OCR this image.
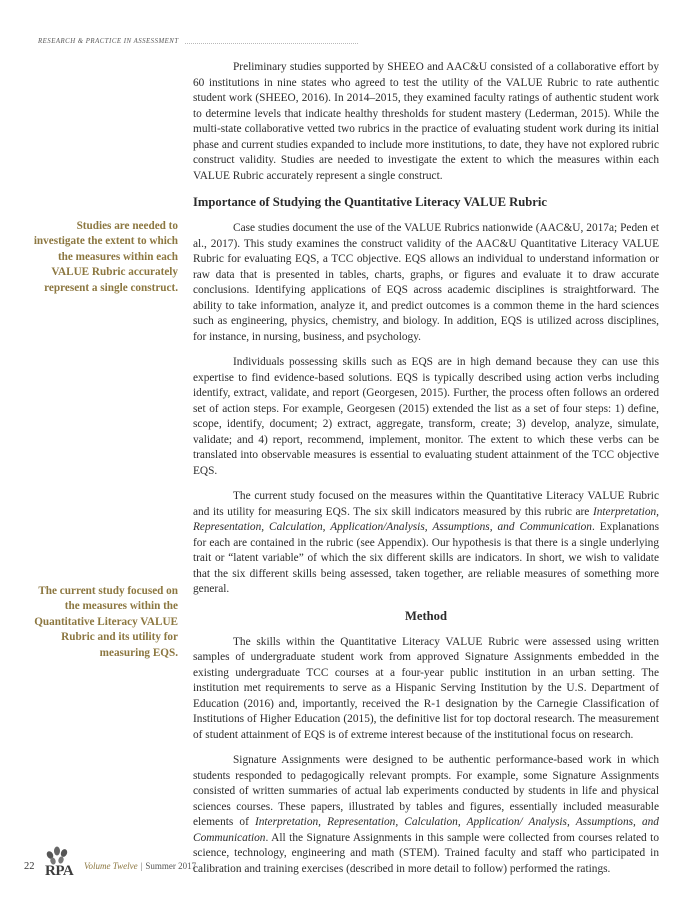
RESEARCH & PRACTICE IN ASSESSMENT
Studies are needed to investigate the extent to which the measures within each VALUE Rubric accurately represent a single construct.
The current study focused on the measures within the Quantitative Literacy VALUE Rubric and its utility for measuring EQS.

Preliminary studies supported by SHEEO and AAC&U consisted of a collaborative effort by 60 institutions in nine states who agreed to test the utility of the VALUE Rubric to rate authentic student work (SHEEO, 2016). In 2014–2015, they examined faculty ratings of authentic student work to determine levels that indicate healthy thresholds for student mastery (Lederman, 2015). While the multi-state collaborative vetted two rubrics in the practice of evaluating student work during its initial phase and current studies expanded to include more institutions, to date, they have not explored rubric construct validity. Studies are needed to investigate the extent to which the measures within each VALUE Rubric accurately represent a single construct.

Importance of Studying the Quantitative Literacy VALUE Rubric

Case studies document the use of the VALUE Rubrics nationwide (AAC&U, 2017a; Peden et al., 2017). This study examines the construct validity of the AAC&U Quantitative Literacy VALUE Rubric for evaluating EQS, a TCC objective. EQS allows an individual to understand information or raw data that is presented in tables, charts, graphs, or figures and evaluate it to draw accurate conclusions. Identifying applications of EQS across academic disciplines is straightforward. The ability to take information, analyze it, and predict outcomes is a common theme in the hard sciences such as engineering, physics, chemistry, and biology. In addition, EQS is utilized across disciplines, for instance, in nursing, business, and psychology.

Individuals possessing skills such as EQS are in high demand because they can use this expertise to find evidence-based solutions. EQS is typically described using action verbs including identify, extract, validate, and report (Georgesen, 2015). Further, the process often follows an ordered set of action steps. For example, Georgesen (2015) extended the list as a set of four steps: 1) define, scope, identify, document; 2) extract, aggregate, transform, create; 3) develop, analyze, simulate, validate; and 4) report, recommend, implement, monitor. The extent to which these verbs can be translated into observable measures is essential to evaluating student attainment of the TCC objective EQS.

The current study focused on the measures within the Quantitative Literacy VALUE Rubric and its utility for measuring EQS. The six skill indicators measured by this rubric are Interpretation, Representation, Calculation, Application/Analysis, Assumptions, and Communication. Explanations for each are contained in the rubric (see Appendix). Our hypothesis is that there is a single underlying trait or “latent variable” of which the six different skills are indicators. In short, we wish to validate that the six different skills being assessed, taken together, are reliable measures of something more general.

Method

The skills within the Quantitative Literacy VALUE Rubric were assessed using written samples of undergraduate student work from approved Signature Assignments embedded in the existing undergraduate TCC courses at a four-year public institution in an urban setting. The institution met requirements to serve as a Hispanic Serving Institution by the U.S. Department of Education (2016) and, importantly, received the R-1 designation by the Carnegie Classification of Institutions of Higher Education (2015), the definitive list for top doctoral research. The measurement of student attainment of EQS is of extreme interest because of the institutional focus on research.

Signature Assignments were designed to be authentic performance-based work in which students responded to pedagogically relevant prompts. For example, some Signature Assignments consisted of written summaries of actual lab experiments conducted by students in life and physical sciences courses. These papers, illustrated by tables and figures, essentially included measurable elements of Interpretation, Representation, Calculation, Application/ Analysis, Assumptions, and Communication. All the Signature Assignments in this sample were collected from courses related to science, technology, engineering and math (STEM). Trained faculty and staff who participated in calibration and training exercises (described in more detail to follow) performed the ratings.

22 RPA Volume Twelve | Summer 2017
